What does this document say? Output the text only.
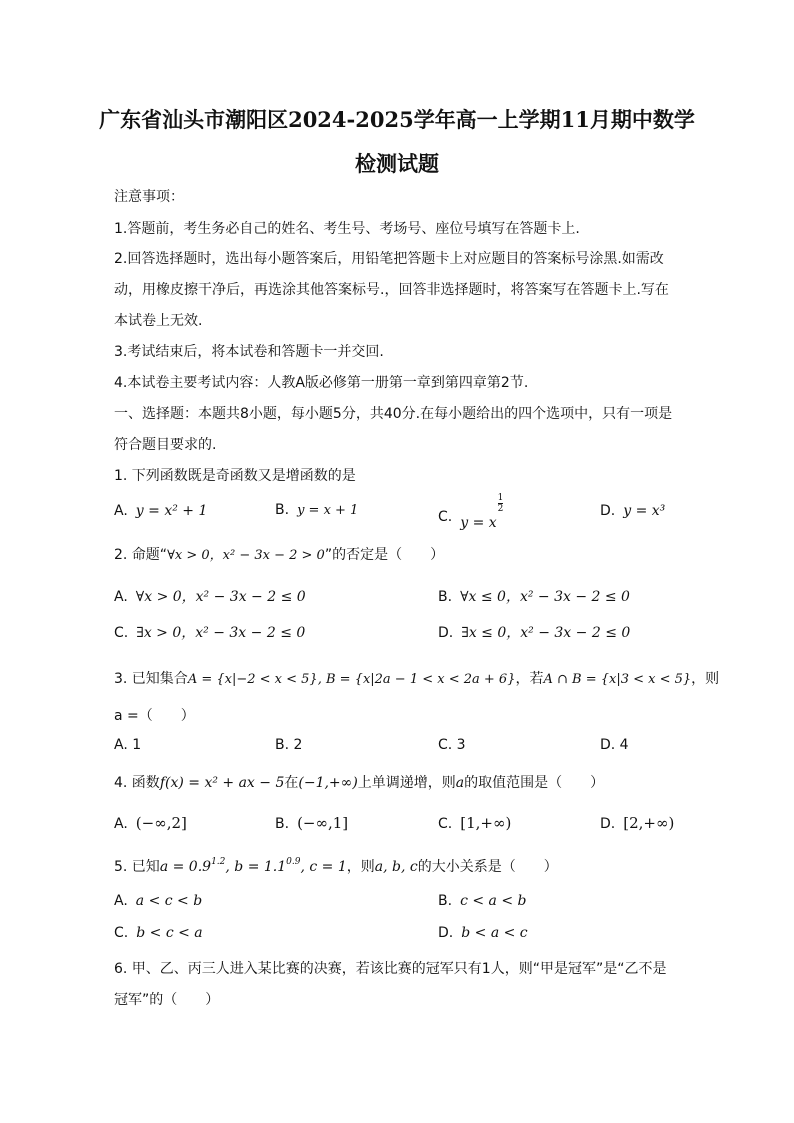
广东省汕头市潮阳区2024-2025学年高一上学期11月期中数学
检测试题
注意事项：
1.答题前，考生务必自己的姓名、考生号、考场号、座位号填写在答题卡上.
2.回答选择题时，选出每小题答案后，用铅笔把答题卡上对应题目的答案标号涂黑.如需改
动，用橡皮擦干净后，再选涂其他答案标号.，回答非选择题时，将答案写在答题卡上.写在
本试卷上无效.
3.考试结束后，将本试卷和答题卡一并交回.
4.本试卷主要考试内容：人教A版必修第一册第一章到第四章第2节.
一、选择题：本题共8小题，每小题5分，共40分.在每小题给出的四个选项中，只有一项是
符合题目要求的.
1. 下列函数既是奇函数又是增函数的是
A. y = x² + 1	B. y = x + 1	C. y = x
$\frac{1}{2}$	D. y = x³
2. 命题“∀x > 0，x² − 3x − 2 > 0”的否定是（　　）
A. ∀x > 0，x² − 3x − 2 ≤ 0	B. ∀x ≤ 0，x² − 3x − 2 ≤ 0
C. ∃x > 0，x² − 3x − 2 ≤ 0	D. ∃x ≤ 0，x² − 3x − 2 ≤ 0
3. 已知集合A = {x|−2 < x < 5}, B = {x|2a − 1 < x < 2a + 6}，若A ∩ B = {x|3 < x < 5}，则
a =（　　）
A. 1	B. 2	C. 3	D. 4
4. 函数f(x) = x² + ax − 5在(−1,+∞)上单调递增，则a的取值范围是（　　）
A. (−∞,2]	B. (−∞,1]	C. [1,+∞)	D. [2,+∞)
5. 已知$a = 0.9^{1.2}$, $b = 1.1^{0.9}$, c = 1，则a, b, c的大小关系是（　　）
A. a < c < b	B. c < a < b
C. b < c < a	D. b < a < c
6. 甲、乙、丙三人进入某比赛的决赛，若该比赛的冠军只有1人，则“甲是冠军”是“乙不是
冠军”的（　　）
